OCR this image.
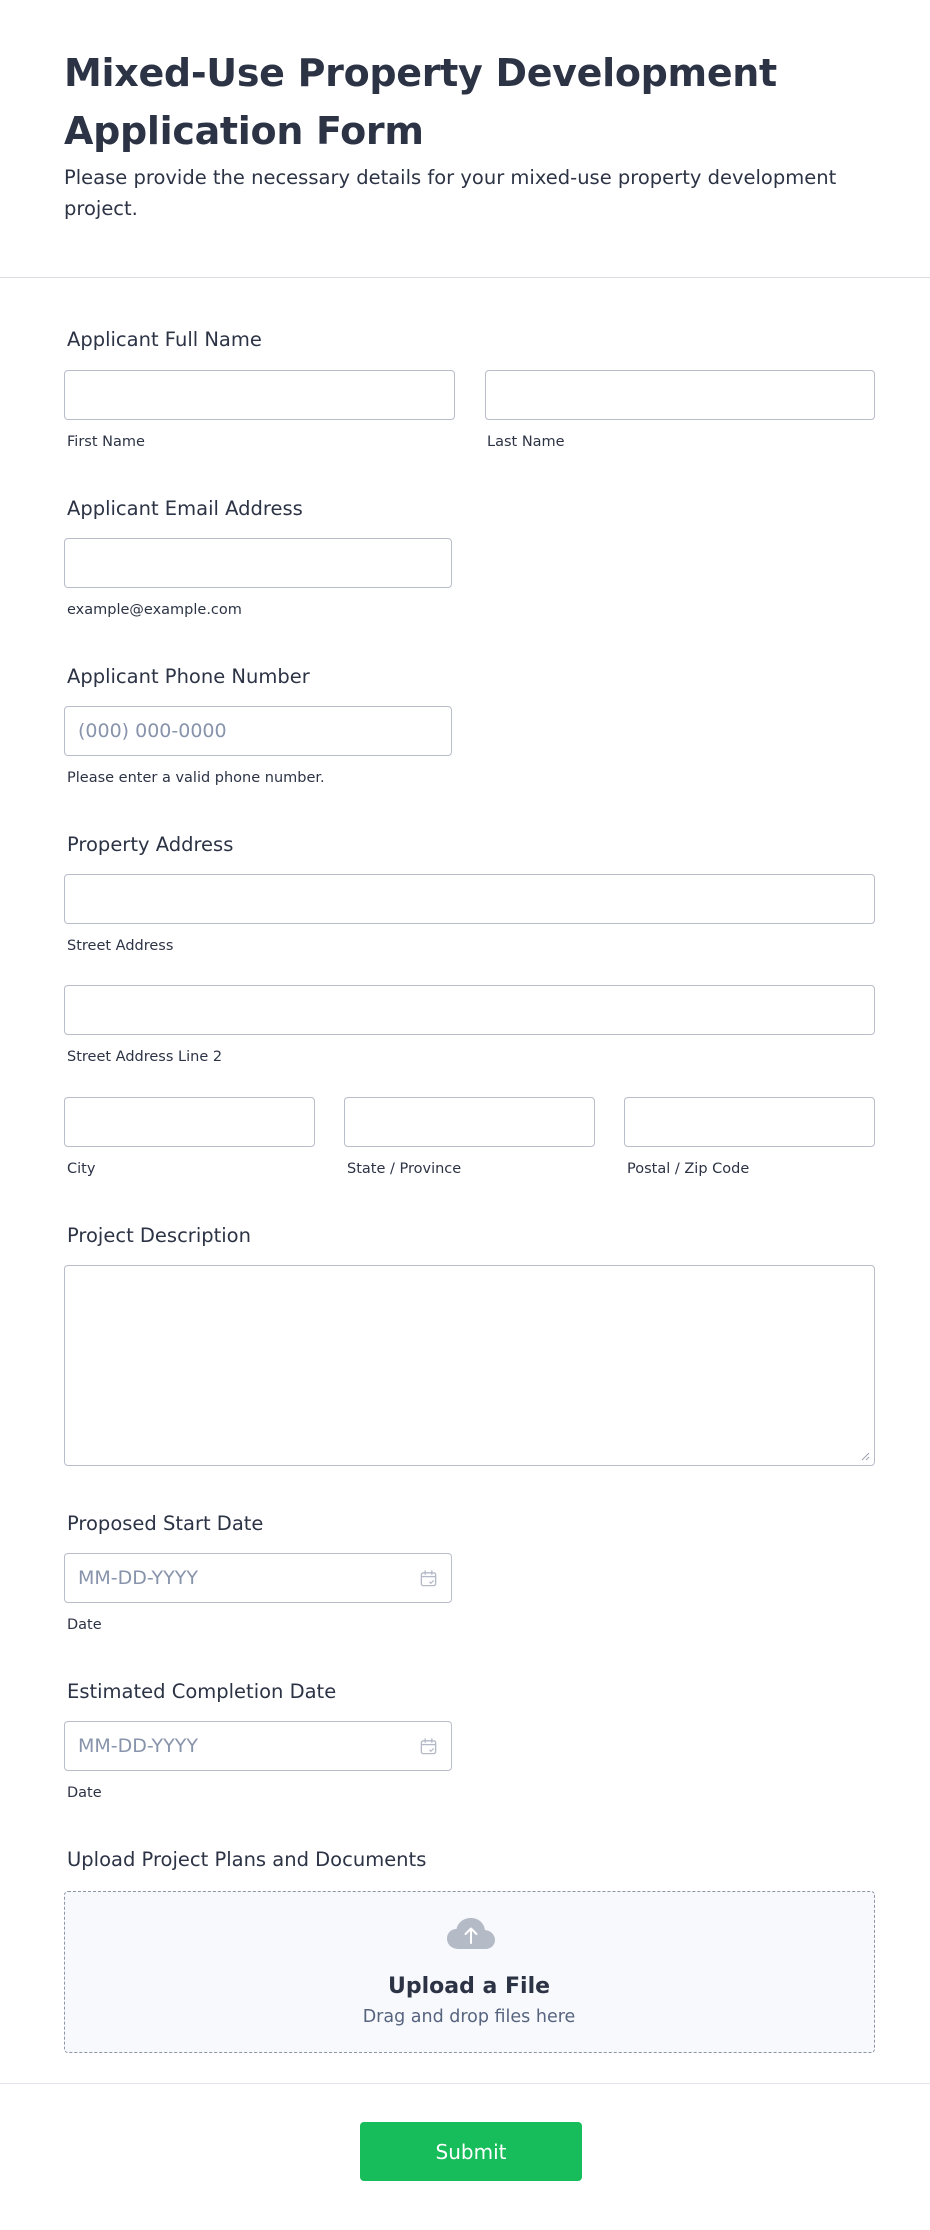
Mixed-Use Property Development Application Form

Please provide the necessary details for your mixed-use property development project.

Applicant Full Name

First Name	Last Name

Applicant Email Address

example@example.com

Applicant Phone Number

(000) 000-0000

Please enter a valid phone number.

Property Address

Street Address

Street Address Line 2

City	State / Province	Postal / Zip Code

Project Description

Proposed Start Date

MM-DD-YYYY

Date

Estimated Completion Date

MM-DD-YYYY

Date

Upload Project Plans and Documents

Upload a File
Drag and drop files here
Submit
